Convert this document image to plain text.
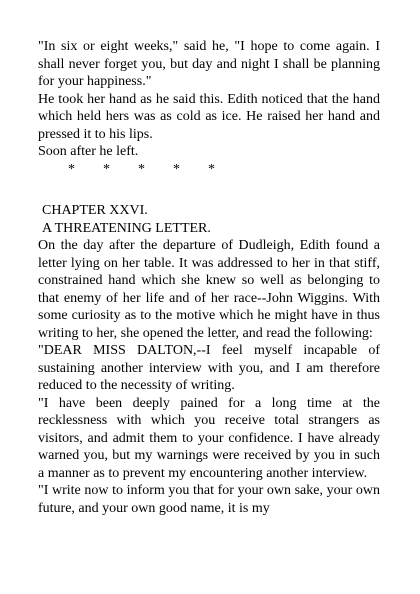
"In six or eight weeks," said he, "I hope to come again. I shall never forget you, but day and night I shall be planning for your happiness."

He took her hand as he said this. Edith noticed that the hand which held hers was as cold as ice. He raised her hand and pressed it to his lips.

Soon after he left.

* * * * *

CHAPTER XXVI.

A THREATENING LETTER.

On the day after the departure of Dudleigh, Edith found a letter lying on her table. It was addressed to her in that stiff, constrained hand which she knew so well as belonging to that enemy of her life and of her race--John Wiggins. With some curiosity as to the motive which he might have in thus writing to her, she opened the letter, and read the following:

"DEAR MISS DALTON,--I feel myself incapable of sustaining another interview with you, and I am therefore reduced to the necessity of writing.

"I have been deeply pained for a long time at the recklessness with which you receive total strangers as visitors, and admit them to your confidence. I have already warned you, but my warnings were received by you in such a manner as to prevent my encountering another interview.

"I write now to inform you that for your own sake, your own future, and your own good name, it is my
